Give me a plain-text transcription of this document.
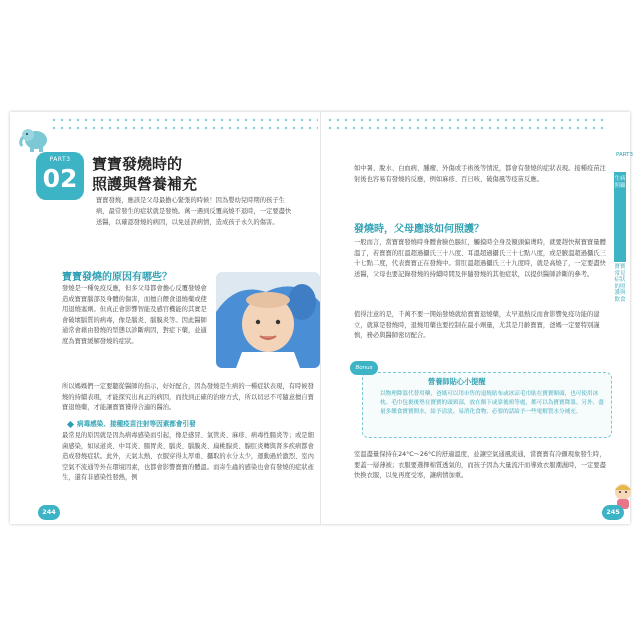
PART3
02 寶寶發燒時的
照護與營養補充

寶寶發燒，應該是父母最擔心緊張的時候！因為嬰幼兒時期的孩子生病，最常發生的症狀就是發燒。萬一遇到反覆高燒不退時，一定要盡快送醫，以確認發燒的病因，以免延誤病情，造成孩子永久的傷害。

寶寶發燒的原因有哪些？

發燒是一種免疫反應，但多父母都會擔心反覆發燒會造成寶寶腦部及身體的傷害，而擅自餵食退燒藥或使用退燒塞劑。但真正會影響智能及感官機能的其實是會破壞腦質的病毒，像是腦炎、腦膜炎等。因此醫師通常會藉由發燒的型態以診斷病因，對症下藥，並適度為寶寶緩解發燒的症狀。

所以媽媽們一定要聽從醫師的指示，好好配合，因為發燒是生病的一種症狀表現，有時候發燒的持續表現，才能探究出真正的病因，而找到正確的治療方式，所以切忌不可隨意擅自寶寶退燒藥，才能讓寶寶獲得合適的醫治。

病毒感染、接種疫苗注射等因素都會引發

最常見的原因就是因為病毒感染而引起，像是感冒、氣管炎、麻疹、病毒性腸炎等；或是細菌感染，如尿道炎、中耳炎、腸胃炎、腦炎、腦膜炎、扁桃腺炎、腺肛炎轉與肾多疾病都會造成發燒症狀。此外，天氣太熱、衣服穿得太厚重、攝取的水分太少，運動過於激烈、室內空氣不流通等外在環境因素，也都會影響寶寶的體溫。而寄生蟲的感染也會有發燒的症狀產生，還有非感染性發熱，例

244

如中暑、脫水、白血病、腫瘤、外傷或手術後等情況，都會有發燒的症狀表現。接種疫苗注射後也容易有發燒的反應，例如麻疹、百日咳、破傷風等疫苗反應。

發燒時，父母應該如何照護？

一般而言，當寶寶發燒時身體會臉色脹紅，觸摸時全身及額頭偏燙時，就要趕快幫寶寶量體溫了，若寶寶的肛溫超過攝氏三十八度、耳溫超過攝氏三十七點八度，或是腋溫超過攝氏三十七點二度，代表寶寶正在發燒中。當肛溫超過攝氏三十九度時，就是高燒了，一定要盡快送醫，父母也要記錄發燒的持續時間及伴隨發燒的其他症狀，以提供醫師診斷的參考。

值得注意的是，千萬不要一開始發燒就給寶寶退燒藥，太早退熱反而會影響免疫功能的建立，就算是發燒時，退燒用藥也要控制在最小劑量，尤其是月齡寶寶，爸媽一定要特別謹慎，務必與醫師密切配合。

Bonus
營養師貼心小提醒

以物理降溫代替用藥，爸媽可以用市售的退燒貼布或冰涼毛巾貼在寶寶額頭，也可使用冰枕、毛巾包裹後墊在寶寶的頭頸部，放在額下或靠後頸等處，都可以為寶寶降溫。另外，盡量多餵食寶寶開水，給予清淡、易消化食物，必要的話給予一些電解質水分補充。

室溫盡量保持在24°C～26°C的舒適溫度，並讓空氣通風流通，當寶寶有冷顫現象發生時，要蓋一層薄被；衣服要選擇棉質透氣的，而孩子因為大量流汗而導致衣服潮濕時，一定要盡快換衣服，以免再度受寒，讓病情加重。

PART3
生病照顧
寶寶常見症狀的照護與飲食
245
